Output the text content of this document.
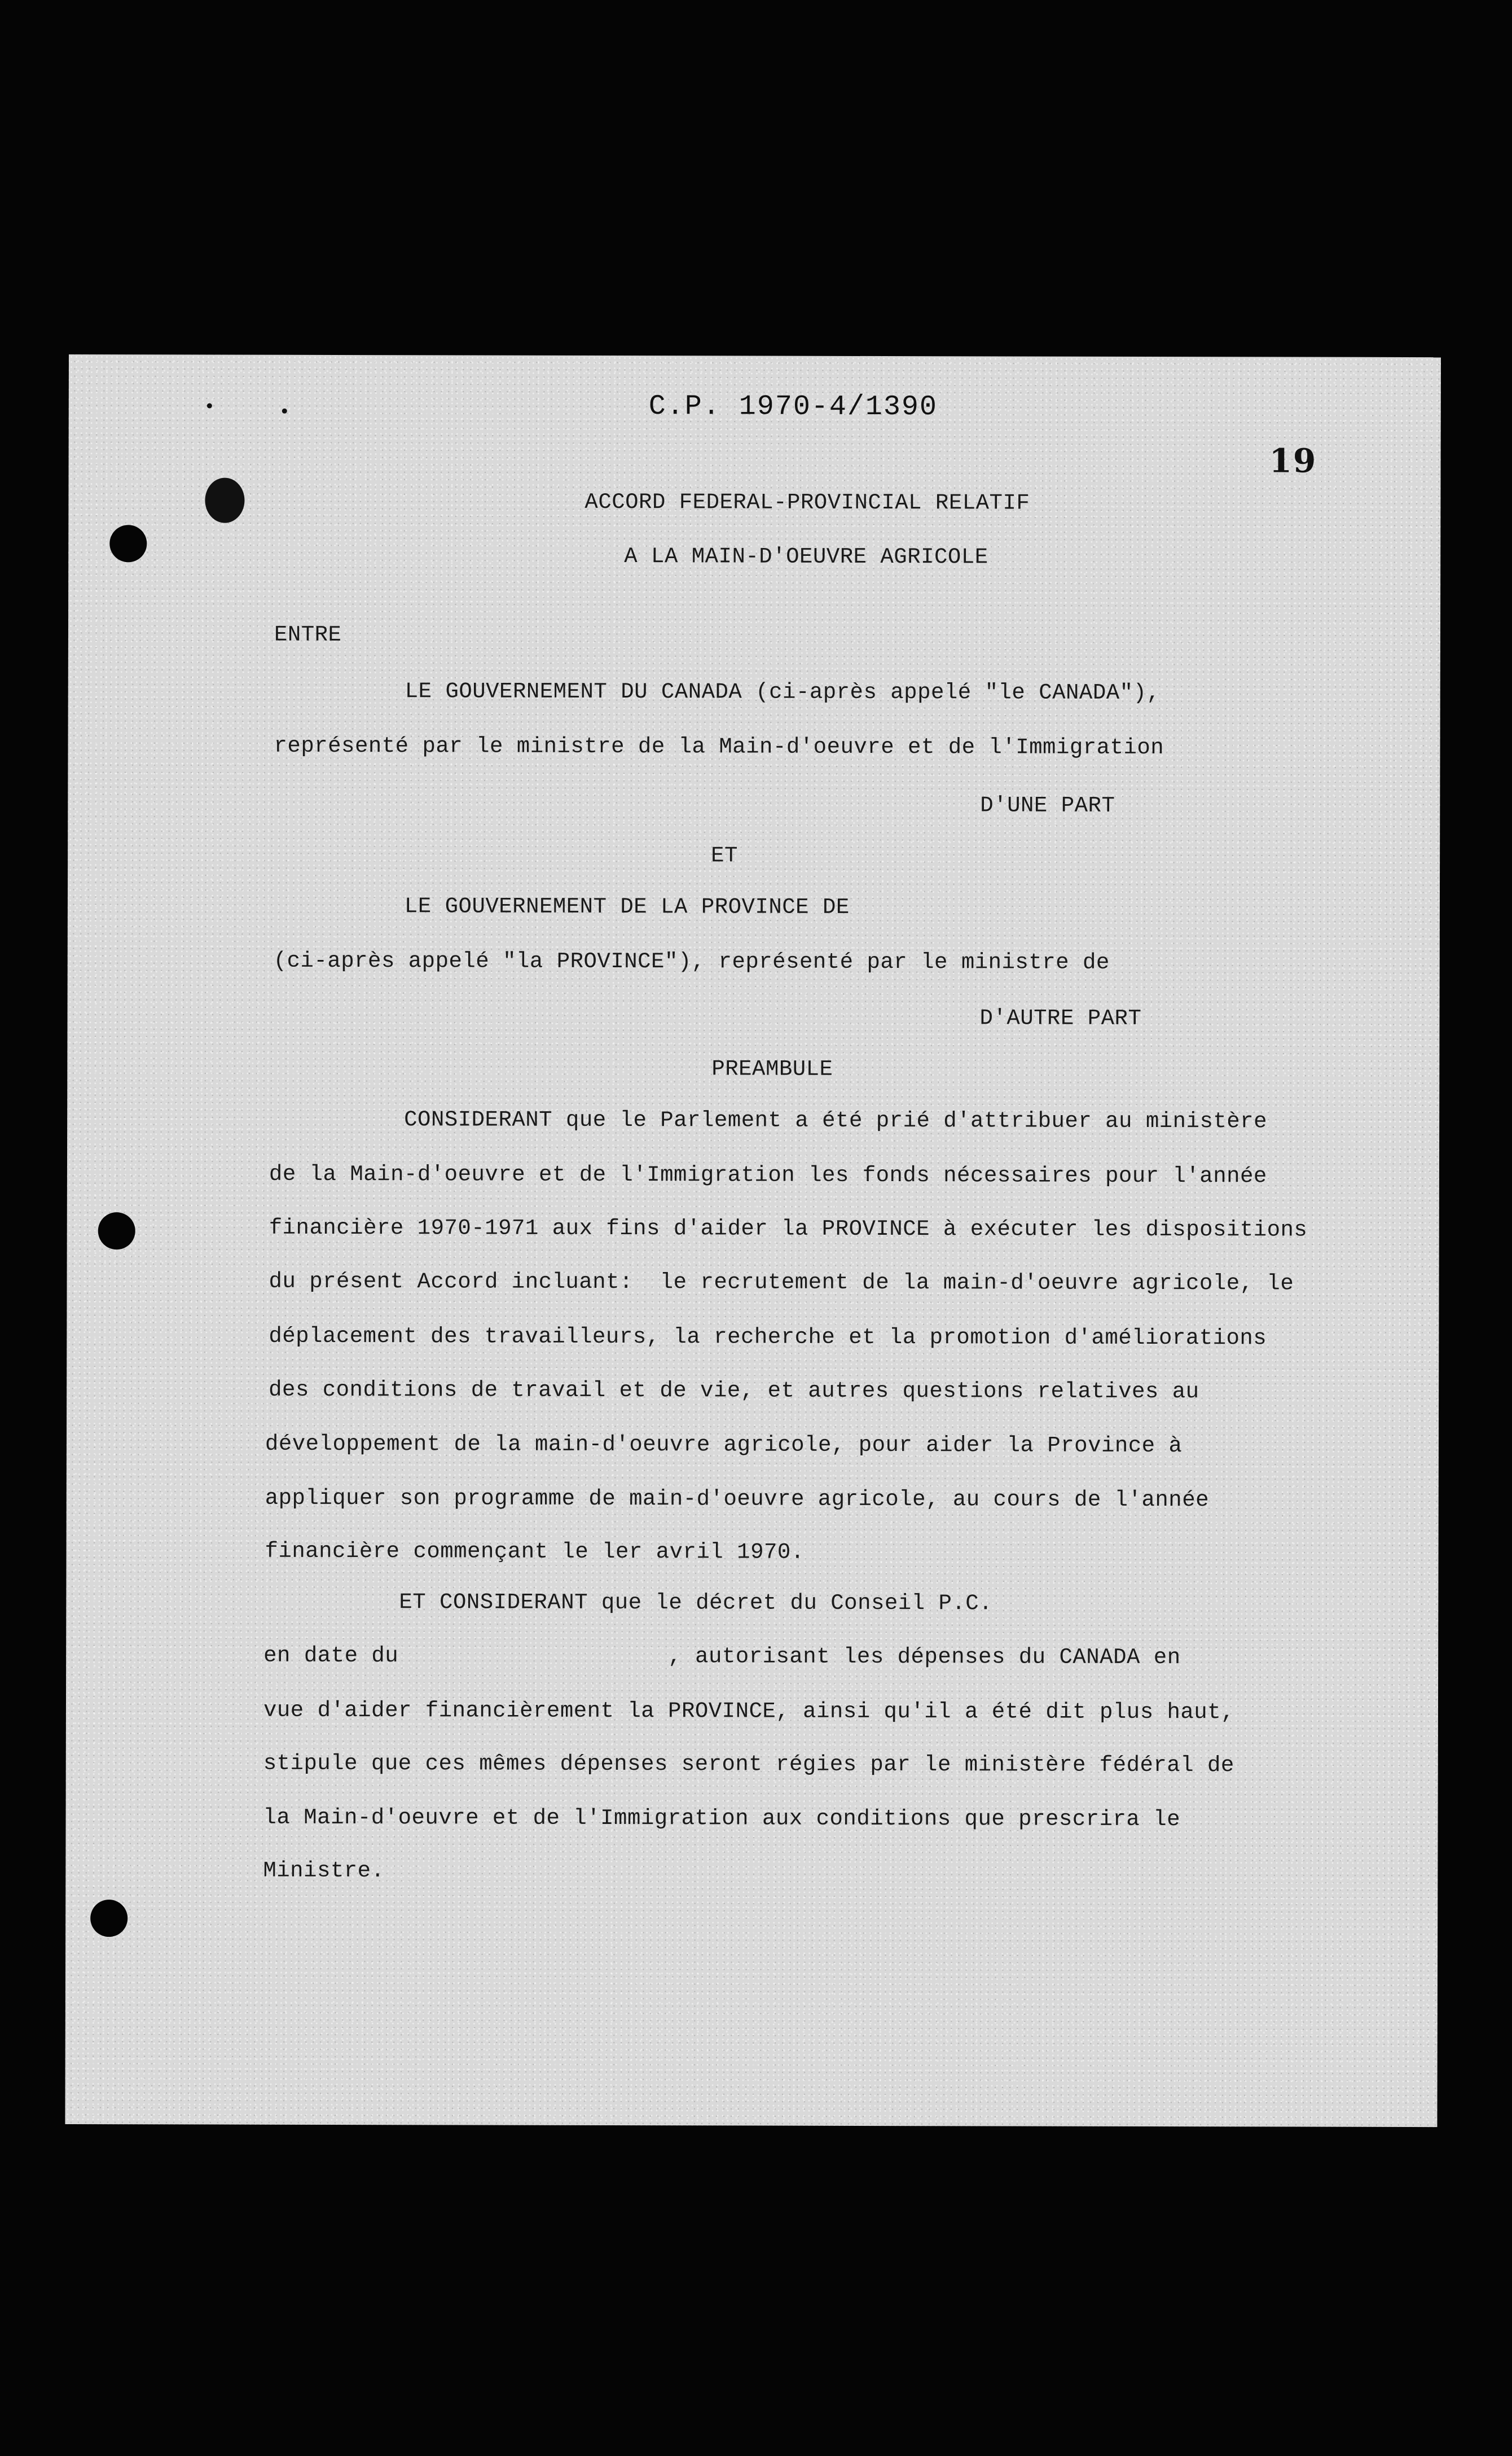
C.P. 1970-4/1390
19
ACCORD FEDERAL-PROVINCIAL RELATIF
A LA MAIN-D'OEUVRE AGRICOLE
ENTRE
LE GOUVERNEMENT DU CANADA (ci-après appelé "le CANADA"),
représenté par le ministre de la Main-d'oeuvre et de l'Immigration
D'UNE PART
ET
LE GOUVERNEMENT DE LA PROVINCE DE
(ci-après appelé "la PROVINCE"), représenté par le ministre de
D'AUTRE PART
PREAMBULE
CONSIDERANT que le Parlement a été prié d'attribuer au ministère
de la Main-d'oeuvre et de l'Immigration les fonds nécessaires pour l'année
financière 1970-1971 aux fins d'aider la PROVINCE à exécuter les dispositions
du présent Accord incluant:  le recrutement de la main-d'oeuvre agricole, le
déplacement des travailleurs, la recherche et la promotion d'améliorations
des conditions de travail et de vie, et autres questions relatives au
développement de la main-d'oeuvre agricole, pour aider la Province à
appliquer son programme de main-d'oeuvre agricole, au cours de l'année
financière commençant le ler avril 1970.
ET CONSIDERANT que le décret du Conseil P.C.
en date du                    , autorisant les dépenses du CANADA en
vue d'aider financièrement la PROVINCE, ainsi qu'il a été dit plus haut,
stipule que ces mêmes dépenses seront régies par le ministère fédéral de
la Main-d'oeuvre et de l'Immigration aux conditions que prescrira le
Ministre.
